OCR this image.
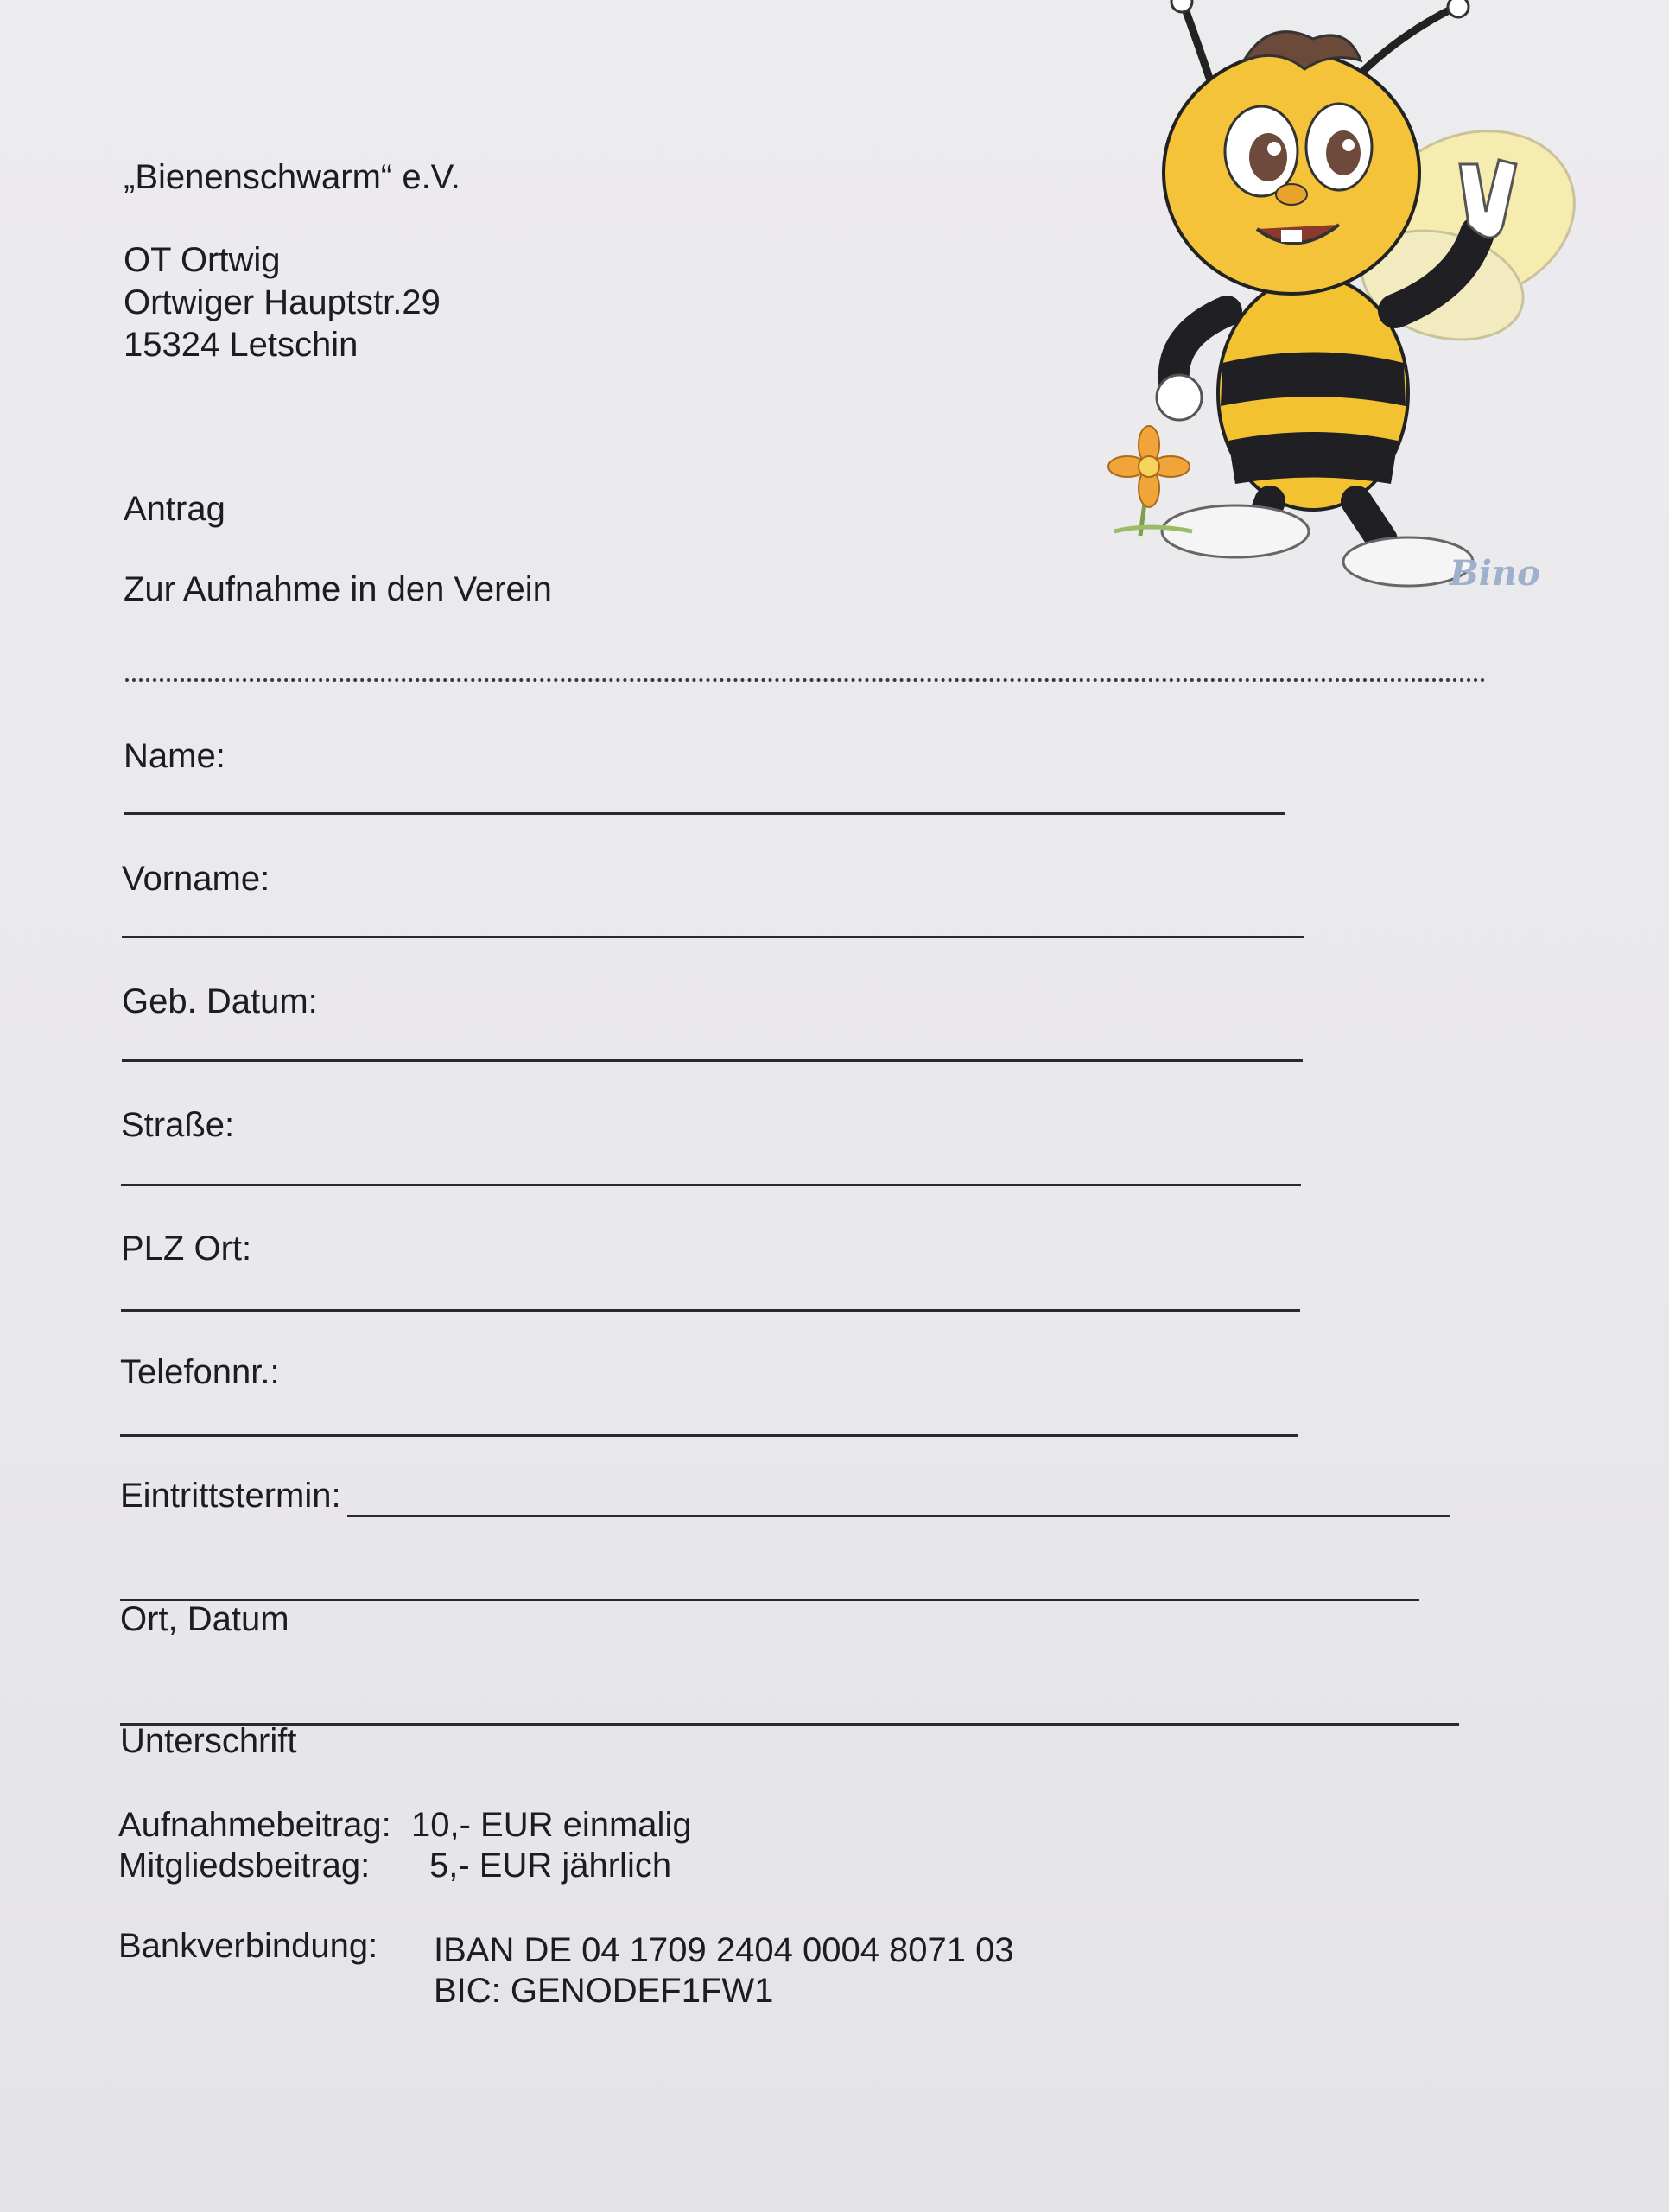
„Bienenschwarm“ e.V.
OT Ortwig
Ortwiger Hauptstr.29
15324 Letschin
Bino
Antrag
Zur Aufnahme in den Verein
Name:
Vorname:
Geb. Datum:
Straße:
PLZ Ort:
Telefonnr.:
Eintrittstermin:
Ort, Datum
Unterschrift
Aufnahmebeitrag: 10,- EUR einmalig
Mitgliedsbeitrag: 5,- EUR jährlich
Bankverbindung: IBAN DE 04 1709 2404 0004 8071 03
BIC: GENODEF1FW1
